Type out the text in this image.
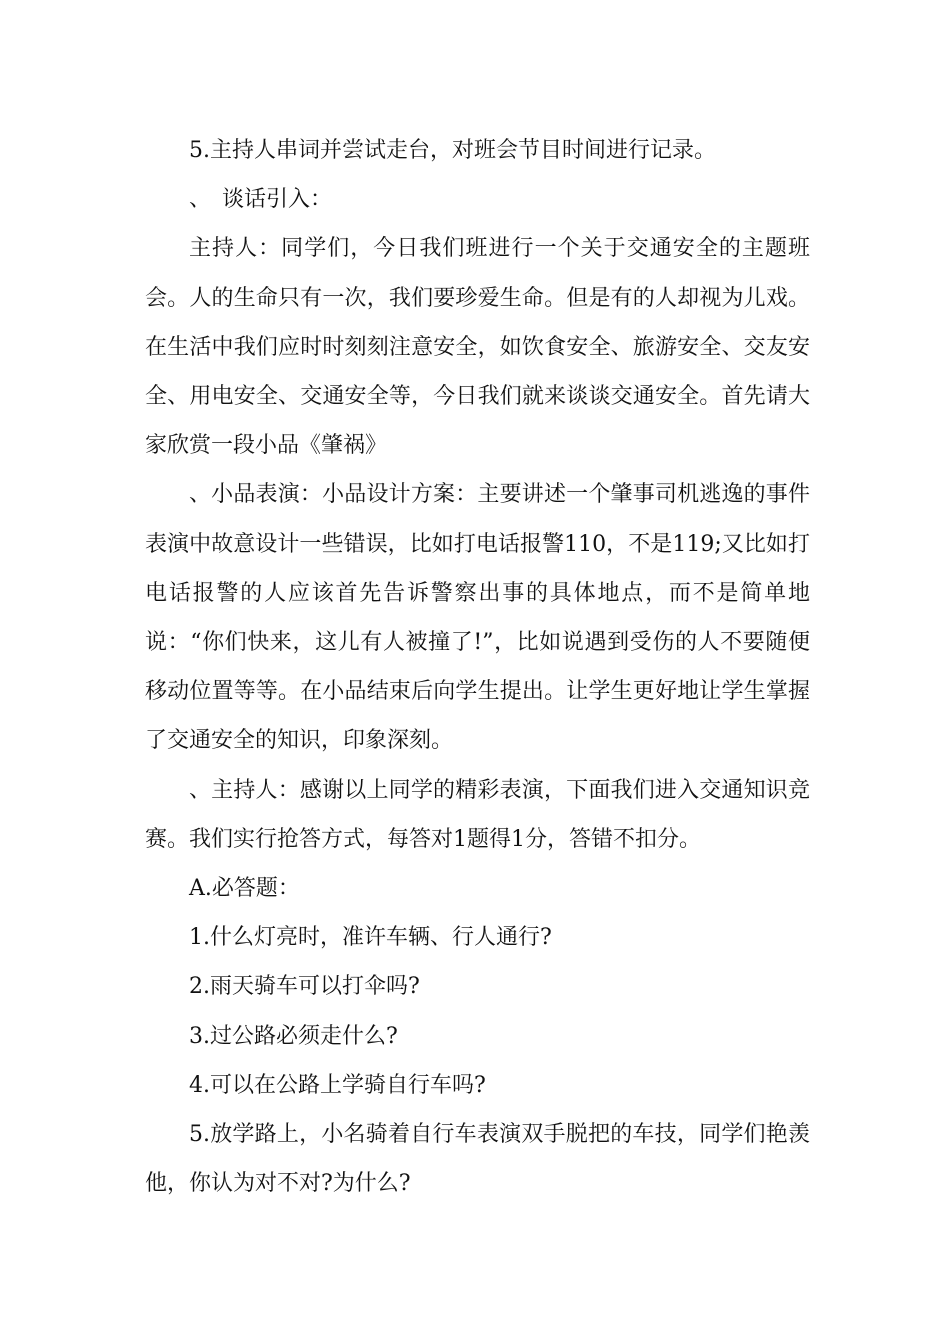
5.主持人串词并尝试走台，对班会节目时间进行记录。

、　谈话引入：

主持人：同学们，今日我们班进行一个关于交通安全的主题班会。人的生命只有一次，我们要珍爱生命。但是有的人却视为儿戏。在生活中我们应时时刻刻注意安全，如饮食安全、旅游安全、交友安全、用电安全、交通安全等，今日我们就来谈谈交通安全。首先请大家欣赏一段小品《肇祸》

、小品表演：小品设计方案：主要讲述一个肇事司机逃逸的事件表演中故意设计一些错误，比如打电话报警110，不是119;又比如打电话报警的人应该首先告诉警察出事的具体地点，而不是简单地说：“你们快来，这儿有人被撞了!”，比如说遇到受伤的人不要随便移动位置等等。在小品结束后向学生提出。让学生更好地让学生掌握了交通安全的知识，印象深刻。

、主持人：感谢以上同学的精彩表演，下面我们进入交通知识竞赛。我们实行抢答方式，每答对1题得1分，答错不扣分。

A.必答题：

1.什么灯亮时，准许车辆、行人通行?

2.雨天骑车可以打伞吗?

3.过公路必须走什么?

4.可以在公路上学骑自行车吗?

5.放学路上，小名骑着自行车表演双手脱把的车技，同学们艳羡他，你认为对不对?为什么?
